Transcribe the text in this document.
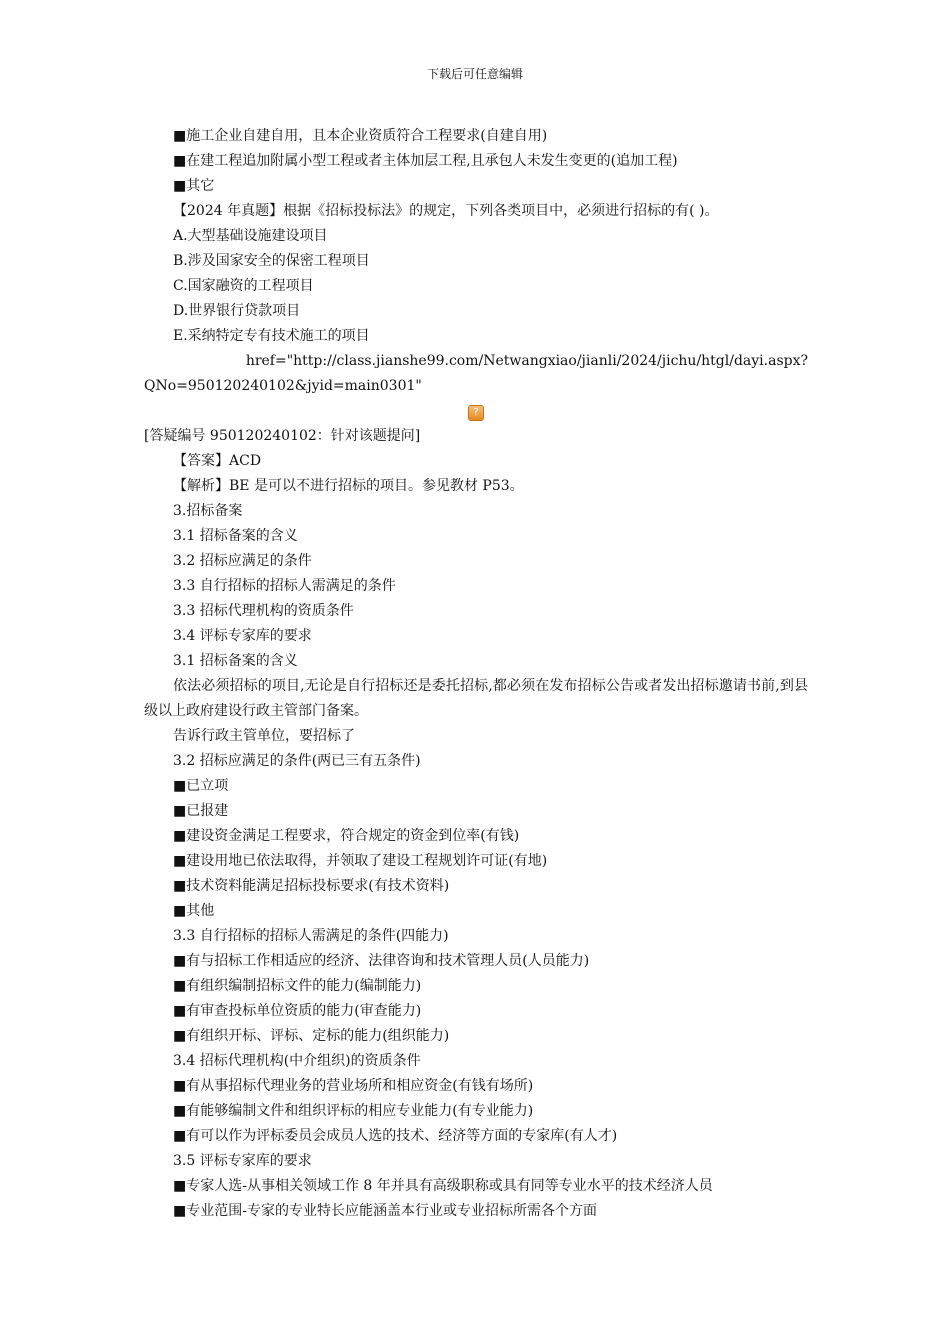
下载后可任意编辑
■施工企业自建自用，且本企业资质符合工程要求(自建自用)
■在建工程追加附属小型工程或者主体加层工程,且承包人未发生变更的(追加工程)
■其它
【2024 年真题】根据《招标投标法》的规定，下列各类项目中，必须进行招标的有( )。
A.大型基础设施建设项目
B.涉及国家安全的保密工程项目
C.国家融资的工程项目
D.世界银行贷款项目
E.采纳特定专有技术施工的项目
href="http://class.jianshe99.com/Netwangxiao/jianli/2024/jichu/htgl/dayi.aspx?
QNo=950120240102&jyid=main0301"
?
[答疑编号 950120240102：针对该题提问]
【答案】ACD
【解析】BE 是可以不进行招标的项目。参见教材 P53。
3.招标备案
3.1 招标备案的含义
3.2 招标应满足的条件
3.3 自行招标的招标人需满足的条件
3.3 招标代理机构的资质条件
3.4 评标专家库的要求
3.1 招标备案的含义
依法必须招标的项目,无论是自行招标还是委托招标,都必须在发布招标公告或者发出招标邀请书前,到县级以上政府建设行政主管部门备案。
告诉行政主管单位，要招标了
3.2 招标应满足的条件(两已三有五条件)
■已立项
■已报建
■建设资金满足工程要求，符合规定的资金到位率(有钱)
■建设用地已依法取得，并领取了建设工程规划许可证(有地)
■技术资料能满足招标投标要求(有技术资料)
■其他
3.3 自行招标的招标人需满足的条件(四能力)
■有与招标工作相适应的经济、法律咨询和技术管理人员(人员能力)
■有组织编制招标文件的能力(编制能力)
■有审查投标单位资质的能力(审查能力)
■有组织开标、评标、定标的能力(组织能力)
3.4 招标代理机构(中介组织)的资质条件
■有从事招标代理业务的营业场所和相应资金(有钱有场所)
■有能够编制文件和组织评标的相应专业能力(有专业能力)
■有可以作为评标委员会成员人选的技术、经济等方面的专家库(有人才)
3.5 评标专家库的要求
■专家人选-从事相关领域工作 8 年并具有高级职称或具有同等专业水平的技术经济人员
■专业范围-专家的专业特长应能涵盖本行业或专业招标所需各个方面
